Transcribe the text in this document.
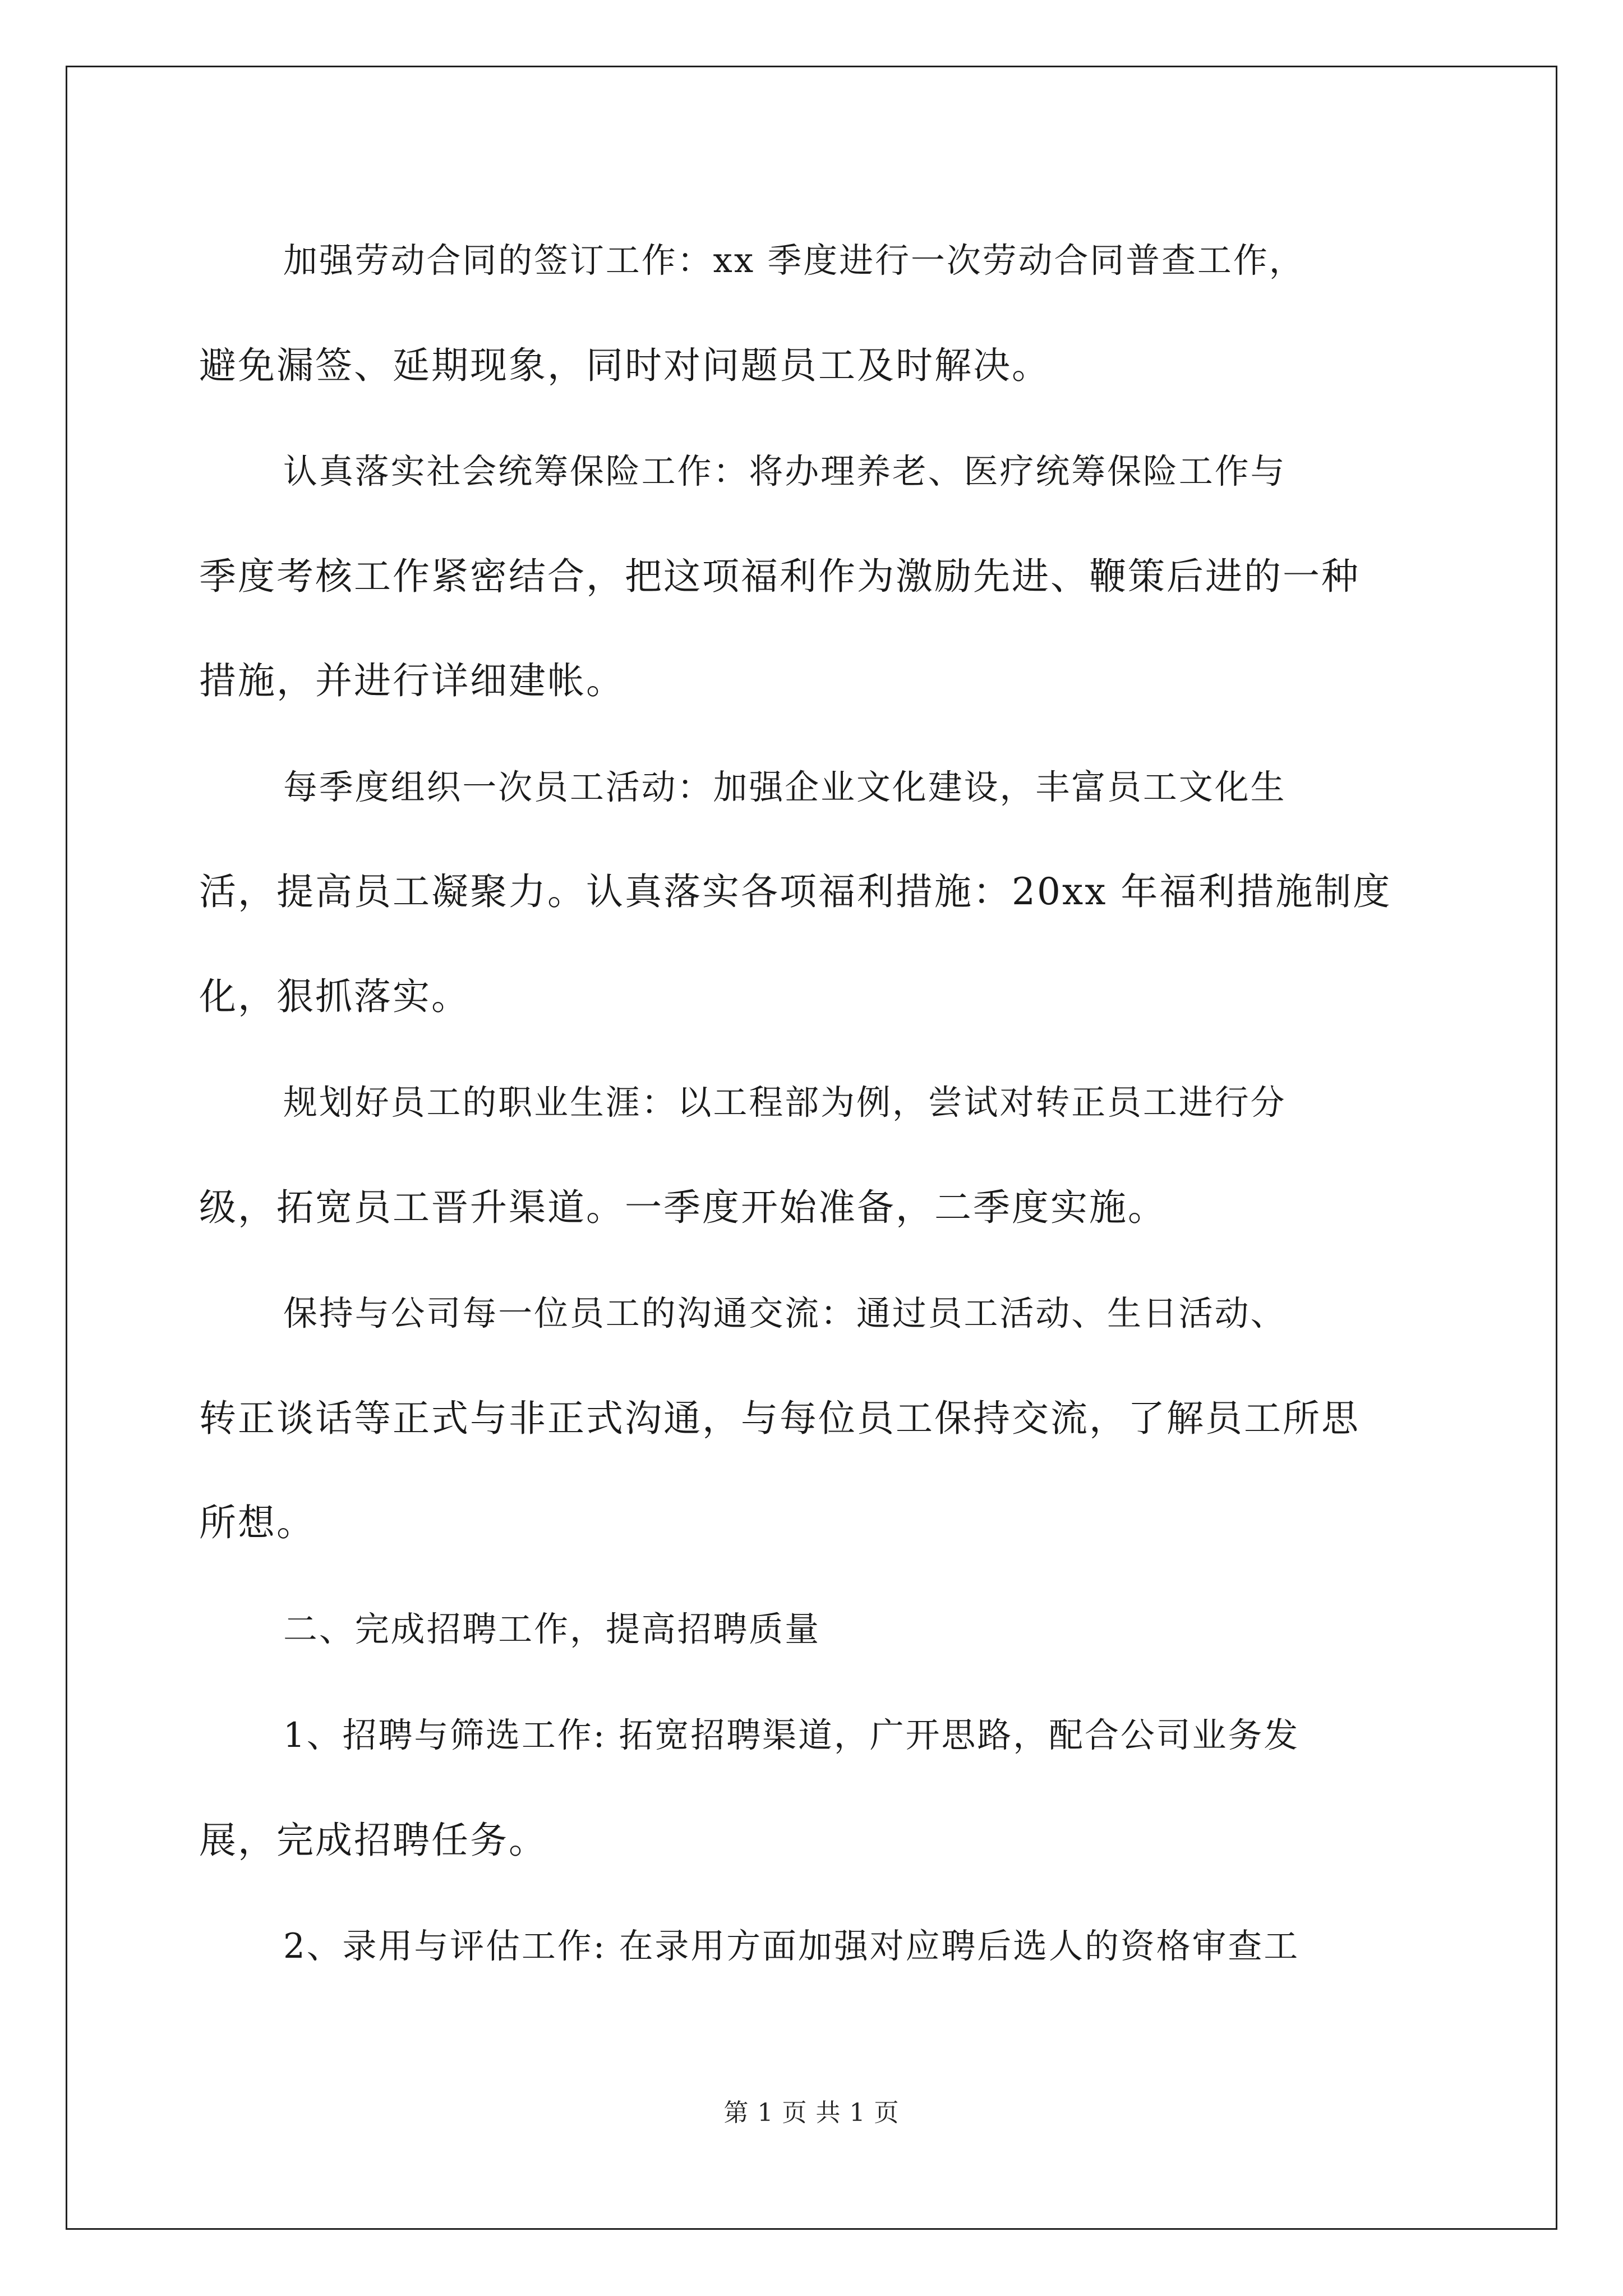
加强劳动合同的签订工作：xx 季度进行一次劳动合同普查工作，
避免漏签、延期现象，同时对问题员工及时解决。

认真落实社会统筹保险工作：将办理养老、医疗统筹保险工作与
季度考核工作紧密结合，把这项福利作为激励先进、鞭策后进的一种
措施，并进行详细建帐。

每季度组织一次员工活动：加强企业文化建设，丰富员工文化生
活，提高员工凝聚力。认真落实各项福利措施：20xx 年福利措施制度
化，狠抓落实。

规划好员工的职业生涯：以工程部为例，尝试对转正员工进行分
级，拓宽员工晋升渠道。一季度开始准备，二季度实施。

保持与公司每一位员工的沟通交流：通过员工活动、生日活动、
转正谈话等正式与非正式沟通，与每位员工保持交流，了解员工所思
所想。

二、完成招聘工作，提高招聘质量

1、招聘与筛选工作: 拓宽招聘渠道，广开思路，配合公司业务发
展，完成招聘任务。

2、录用与评估工作: 在录用方面加强对应聘后选人的资格审查工

第 1 页 共 1 页
